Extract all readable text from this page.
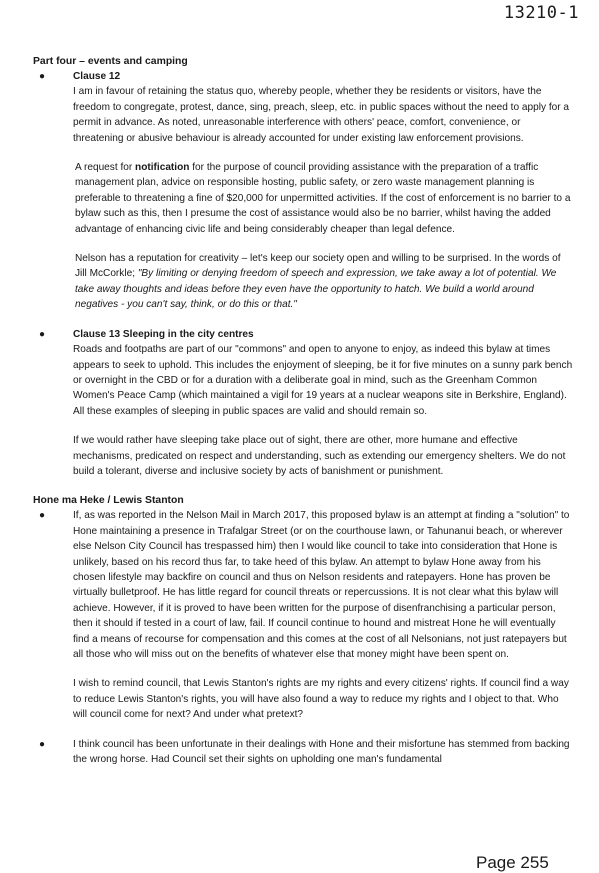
13210-1
Part four – events and camping
●	Clause 12

I am in favour of retaining the status quo, whereby people, whether they be residents or visitors, have the freedom to congregate, protest, dance, sing, preach, sleep, etc. in public spaces without the need to apply for a permit in advance. As noted, unreasonable interference with others' peace, comfort, convenience, or threatening or abusive behaviour is already accounted for under existing law enforcement provisions.

A request for notification for the purpose of council providing assistance with the preparation of a traffic management plan, advice on responsible hosting, public safety, or zero waste management planning is preferable to threatening a fine of $20,000 for unpermitted activities. If the cost of enforcement is no barrier to a bylaw such as this, then I presume the cost of assistance would also be no barrier, whilst having the added advantage of enhancing civic life and being considerably cheaper than legal defence.

Nelson has a reputation for creativity – let's keep our society open and willing to be surprised. In the words of Jill McCorkle; "By limiting or denying freedom of speech and expression, we take away a lot of potential. We take away thoughts and ideas before they even have the opportunity to hatch. We build a world around negatives - you can't say, think, or do this or that."

●	Clause 13 Sleeping in the city centres

Roads and footpaths are part of our "commons" and open to anyone to enjoy, as indeed this bylaw at times appears to seek to uphold. This includes the enjoyment of sleeping, be it for five minutes on a sunny park bench or overnight in the CBD or for a duration with a deliberate goal in mind, such as the Greenham Common Women's Peace Camp (which maintained a vigil for 19 years at a nuclear weapons site in Berkshire, England). All these examples of sleeping in public spaces are valid and should remain so.

If we would rather have sleeping take place out of sight, there are other, more humane and effective mechanisms, predicated on respect and understanding, such as extending our emergency shelters. We do not build a tolerant, diverse and inclusive society by acts of banishment or punishment.

Hone ma Heke / Lewis Stanton
●	If, as was reported in the Nelson Mail in March 2017, this proposed bylaw is an attempt at finding a "solution" to Hone maintaining a presence in Trafalgar Street (or on the courthouse lawn, or Tahunanui beach, or wherever else Nelson City Council has trespassed him) then I would like council to take into consideration that Hone is unlikely, based on his record thus far, to take heed of this bylaw. An attempt to bylaw Hone away from his chosen lifestyle may backfire on council and thus on Nelson residents and ratepayers. Hone has proven be virtually bulletproof. He has little regard for council threats or repercussions. It is not clear what this bylaw will achieve. However, if it is proved to have been written for the purpose of disenfranchising a particular person, then it should if tested in a court of law, fail. If council continue to hound and mistreat Hone he will eventually find a means of recourse for compensation and this comes at the cost of all Nelsonians, not just ratepayers but all those who will miss out on the benefits of whatever else that money might have been spent on.

I wish to remind council, that Lewis Stanton's rights are my rights and every citizens' rights. If council find a way to reduce Lewis Stanton's rights, you will have also found a way to reduce my rights and I object to that. Who will council come for next? And under what pretext?

●	I think council has been unfortunate in their dealings with Hone and their misfortune has stemmed from backing the wrong horse. Had Council set their sights on upholding one man's fundamental

Page 255
